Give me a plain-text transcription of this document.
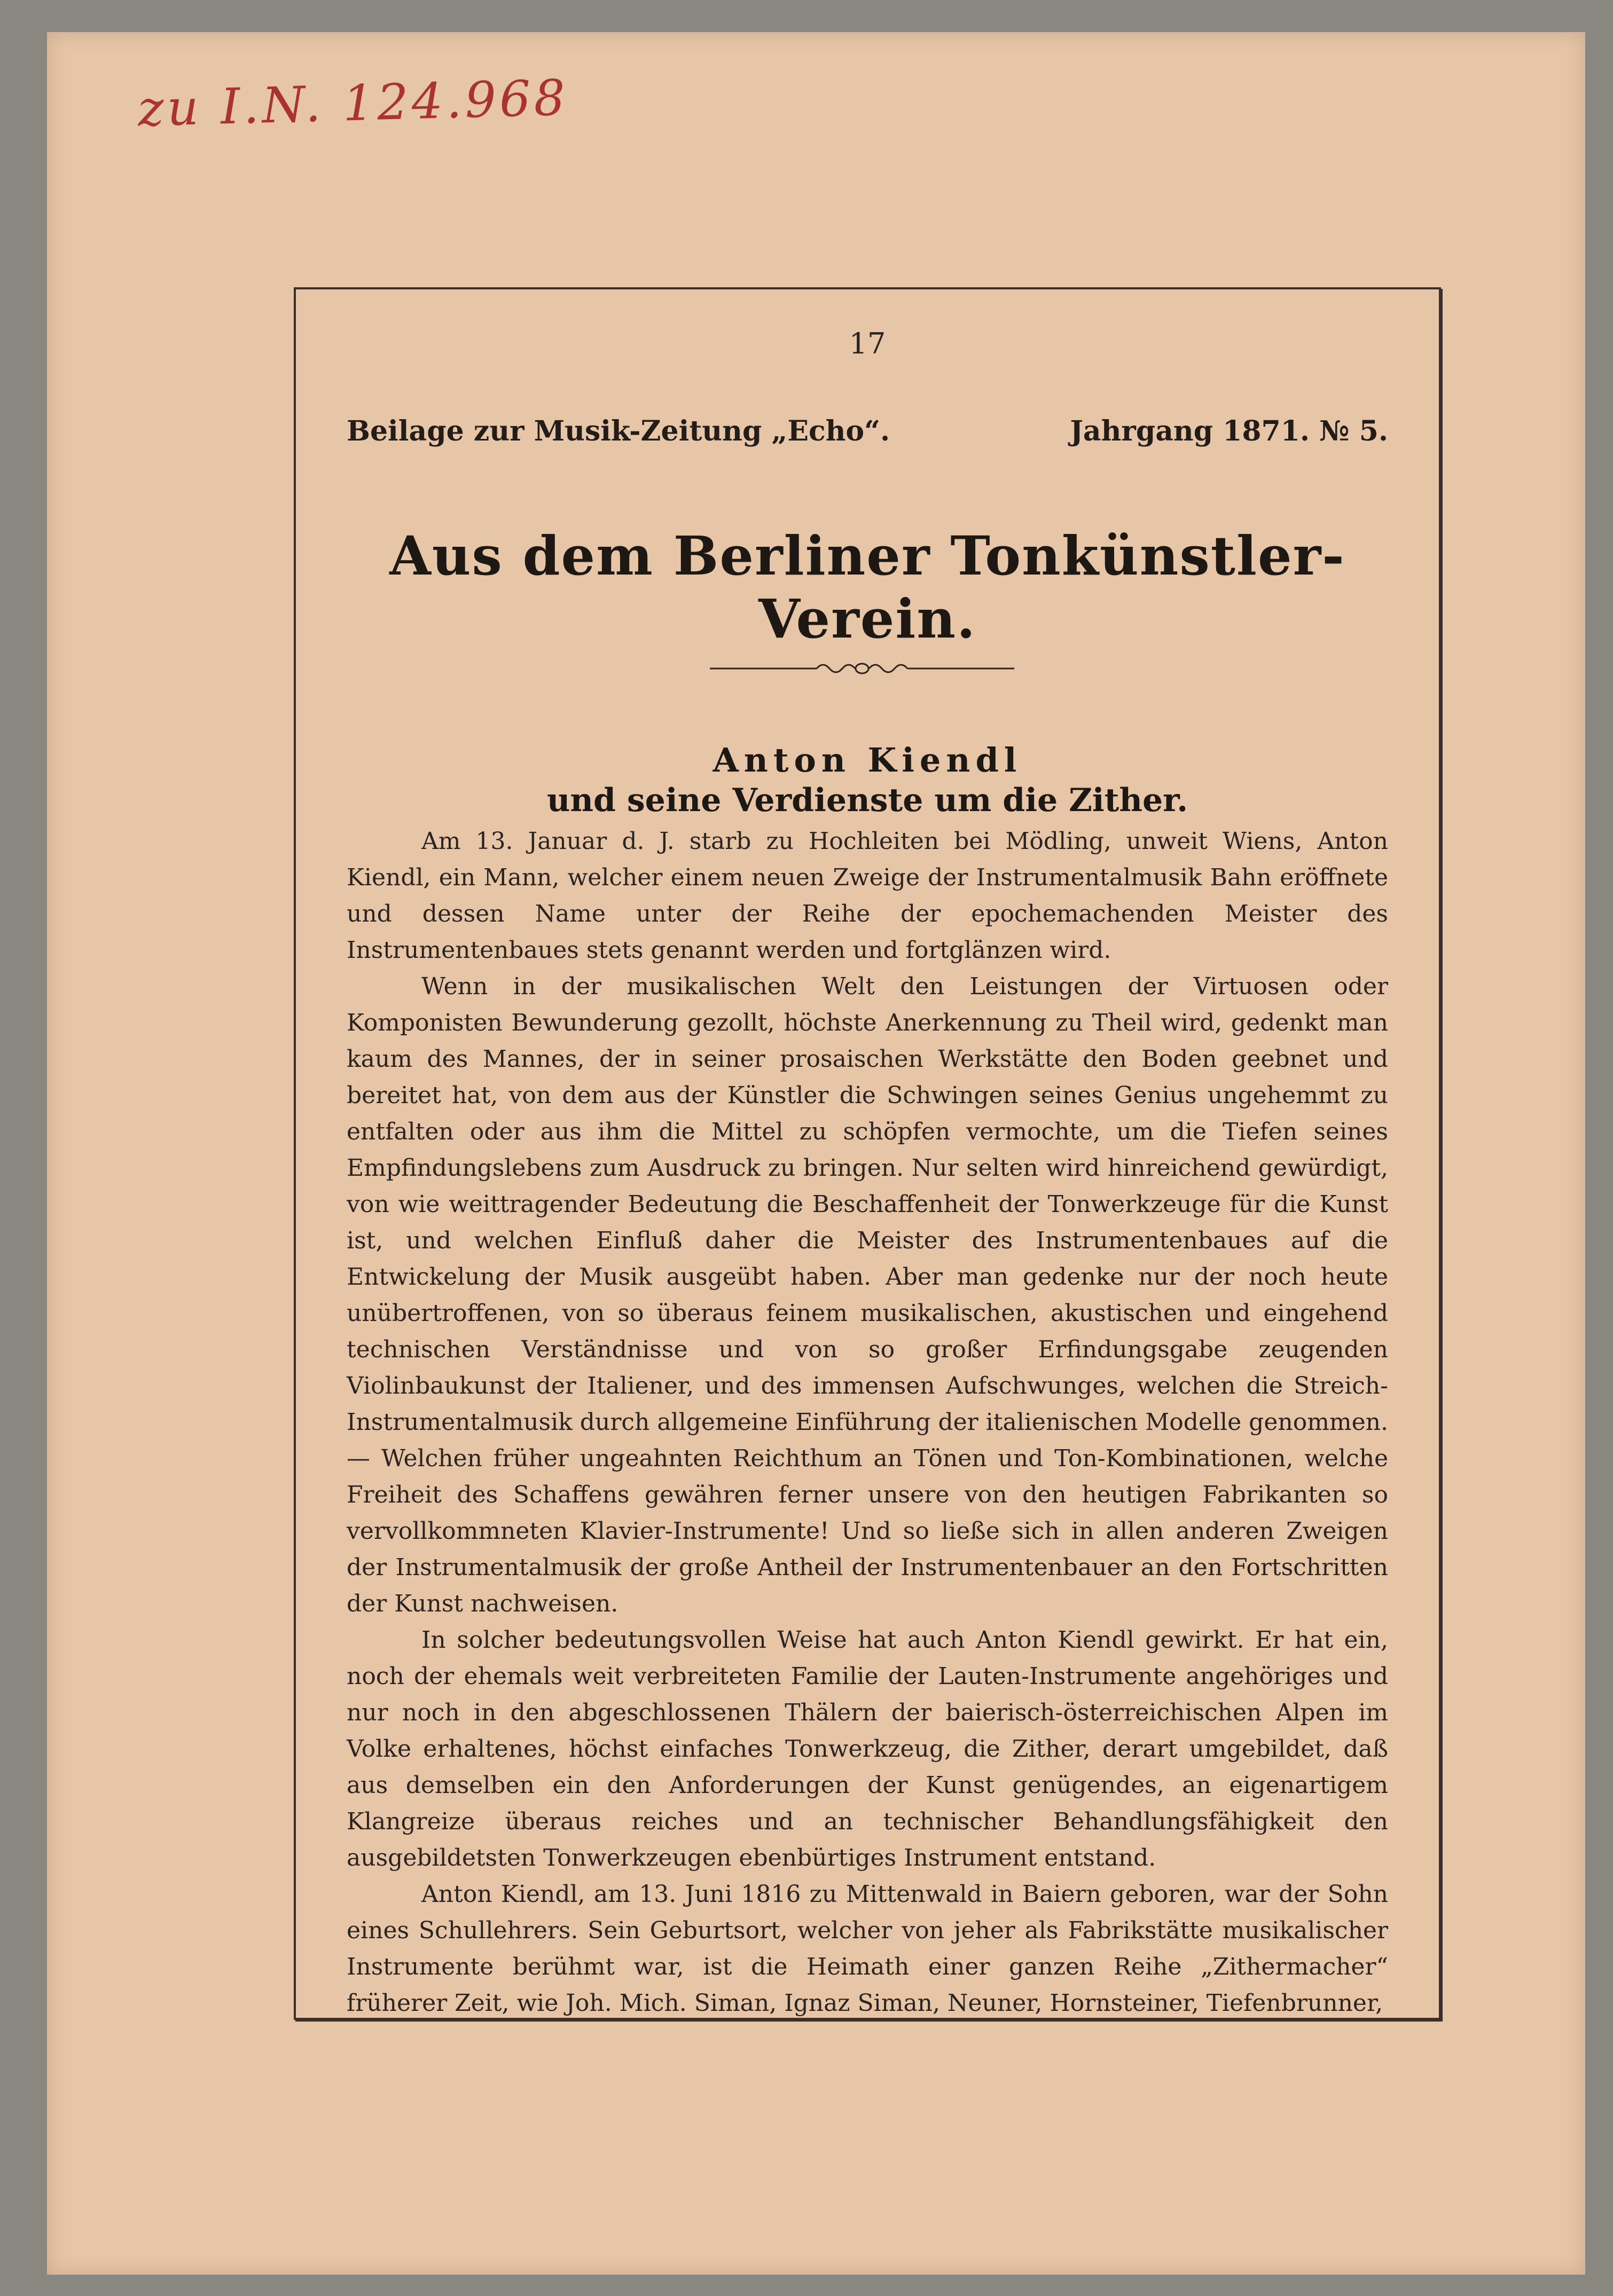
zu I.N. 124.968
17
Beilage zur Musik-Zeitung „Echo“.	Jahrgang 1871. № 5.
Aus dem Berliner Tonkünstler-Verein.
Anton Kiendl
und seine Verdienste um die Zither.

Am 13. Januar d. J. starb zu Hochleiten bei Mödling, unweit Wiens, Anton Kiendl, ein Mann, welcher einem neuen Zweige der Instrumentalmusik Bahn eröffnete und dessen Name unter der Reihe der epochemachenden Meister des Instrumentenbaues stets genannt werden und fortglänzen wird.

Wenn in der musikalischen Welt den Leistungen der Virtuosen oder Komponisten Bewunderung gezollt, höchste Anerkennung zu Theil wird, gedenkt man kaum des Mannes, der in seiner prosaischen Werkstätte den Boden geebnet und bereitet hat, von dem aus der Künstler die Schwingen seines Genius ungehemmt zu entfalten oder aus ihm die Mittel zu schöpfen vermochte, um die Tiefen seines Empfindungslebens zum Ausdruck zu bringen. Nur selten wird hinreichend gewürdigt, von wie weittragender Bedeutung die Beschaffenheit der Tonwerkzeuge für die Kunst ist, und welchen Einfluß daher die Meister des Instrumentenbaues auf die Entwickelung der Musik ausgeübt haben. Aber man gedenke nur der noch heute unübertroffenen, von so überaus feinem musikalischen, akustischen und eingehend technischen Verständnisse und von so großer Erfindungsgabe zeugenden Violinbaukunst der Italiener, und des immensen Aufschwunges, welchen die Streich-Instrumentalmusik durch allgemeine Einführung der italienischen Modelle genommen. — Welchen früher ungeahnten Reichthum an Tönen und Ton-Kombinationen, welche Freiheit des Schaffens gewähren ferner unsere von den heutigen Fabrikanten so vervollkommneten Klavier-Instrumente! Und so ließe sich in allen anderen Zweigen der Instrumentalmusik der große Antheil der Instrumentenbauer an den Fortschritten der Kunst nachweisen.

In solcher bedeutungsvollen Weise hat auch Anton Kiendl gewirkt. Er hat ein, noch der ehemals weit verbreiteten Familie der Lauten-Instrumente angehöriges und nur noch in den abgeschlossenen Thälern der baierisch-österreichischen Alpen im Volke erhaltenes, höchst einfaches Tonwerkzeug, die Zither, derart umgebildet, daß aus demselben ein den Anforderungen der Kunst genügendes, an eigenartigem Klangreize überaus reiches und an technischer Behandlungsfähigkeit den ausgebildetsten Tonwerkzeugen ebenbürtiges Instrument entstand.

Anton Kiendl, am 13. Juni 1816 zu Mittenwald in Baiern geboren, war der Sohn eines Schullehrers. Sein Geburtsort, welcher von jeher als Fabrikstätte musikalischer Instrumente berühmt war, ist die Heimath einer ganzen Reihe „Zithermacher“ früherer Zeit, wie Joh. Mich. Siman, Ignaz Siman, Neuner, Hornsteiner, Tiefenbrunner,
